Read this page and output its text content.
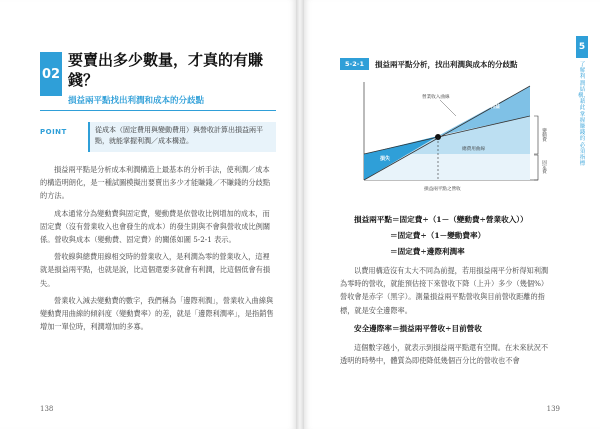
02
要賣出多少數量，才真的有賺錢？
損益兩平點找出利潤和成本的分歧點
POINT	從成本（固定費用與變動費用）與營收計算出損益兩平點，就能掌握利潤／成本構造。

損益兩平點是分析成本利潤構造上最基本的分析手法，使利潤／成本的構造明朗化，是一種試圖模擬出要賣出多少才能賺錢／不賺錢的分歧點的方法。

成本通常分為變動費與固定費，變動費是依營收比例增加的成本，而固定費（沒有營業收入也會發生的成本）的發生則與不會與營收成比例關係。營收與成本（變動費、固定費）的關係如圖 5-2-1 表示。

營收線與總費用線相交時的營業收入，是利潤為零的營業收入，這裡就是損益兩平點，也就是說，比這個還要多就會有利潤，比這個低會有損失。

營業收入減去變動費的數字，我們稱為「邊際利潤」，營業收入曲線與變動費用曲線的傾斜度（變動費率）的差，就是「邊際利潤率」，是指銷售增加一單位時，利潤增加的多寡。

138
5
了解利潤結構，藉此掌握賺錢的必須指標
5-2-1	損益兩平點分析，找出利潤與成本的分歧點
營業收入曲線
利益
損失
總費用曲線
變動費
固定費
損益兩平點之營收
損益兩平點＝固定費÷（1－（變動費÷營業收入））
＝固定費÷（1－變動費率）
＝固定費÷邊際利潤率

以費用構造沒有太大不同為前提，若用損益兩平分析得知利潤為零時的營收，就能預估接下來營收下降（上升）多少（幾個%）營收會是赤字（黑字）。測量損益兩平點營收與目前營收距離的指標，就是安全邊際率。

安全邊際率＝損益兩平營收÷目前營收

這個數字越小，就表示到損益兩平點還有空間。在未來狀況不透明的時勢中，體質為即使降低幾個百分比的營收也不會

139
